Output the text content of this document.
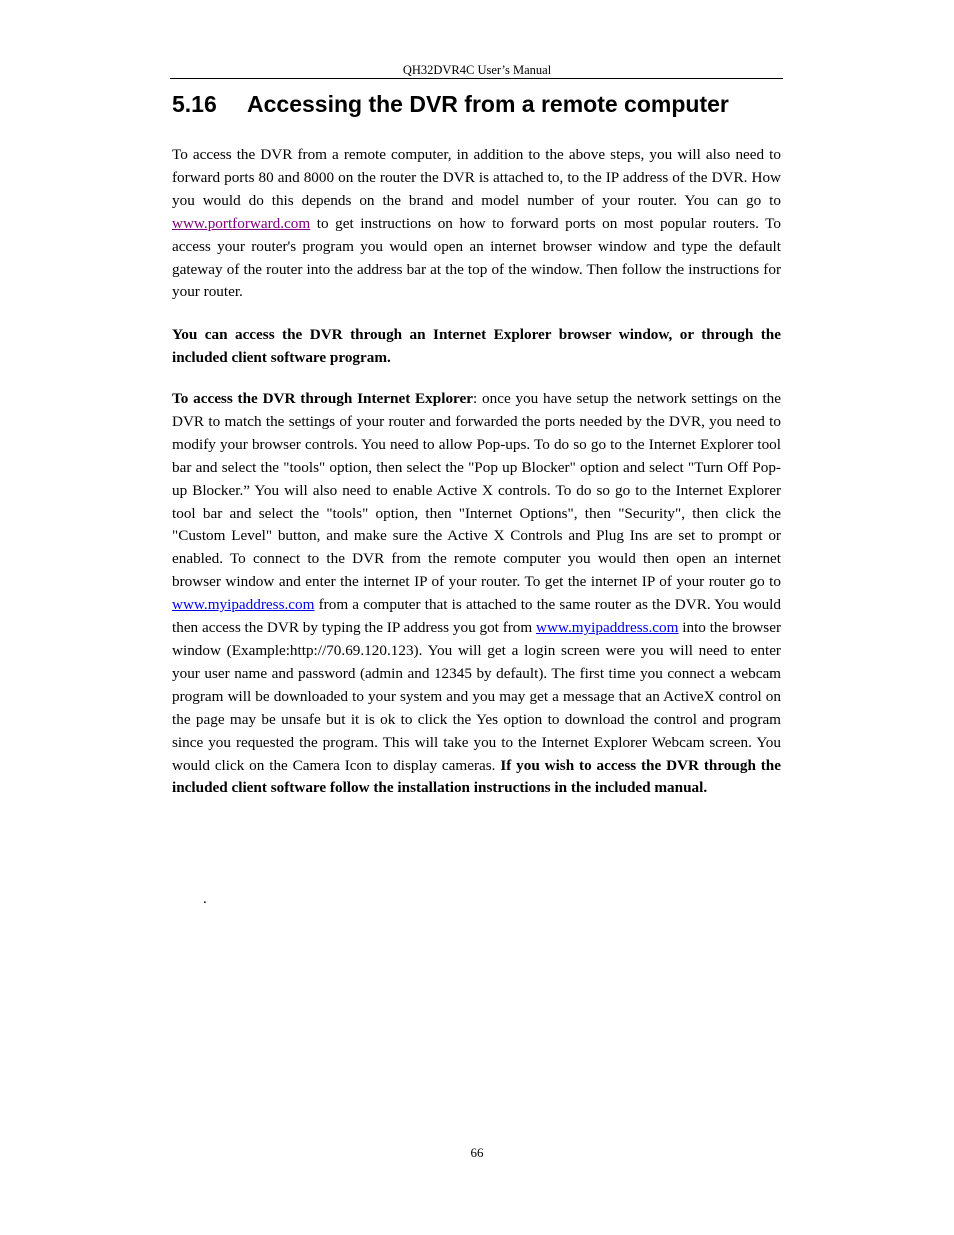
QH32DVR4C User’s Manual
5.16 Accessing the DVR from a remote computer

To access the DVR from a remote computer, in addition to the above steps, you will also need to forward ports 80 and 8000 on the router the DVR is attached to, to the IP address of the DVR. How you would do this depends on the brand and model number of your router. You can go to www.portforward.com to get instructions on how to forward ports on most popular routers. To access your router's program you would open an internet browser window and type the default gateway of the router into the address bar at the top of the window. Then follow the instructions for your router.

You can access the DVR through an Internet Explorer browser window, or through the included client software program.

To access the DVR through Internet Explorer: once you have setup the network settings on the DVR to match the settings of your router and forwarded the ports needed by the DVR, you need to modify your browser controls. You need to allow Pop-ups. To do so go to the Internet Explorer tool bar and select the "tools" option, then select the "Pop up Blocker" option and select "Turn Off Pop-up Blocker.” You will also need to enable Active X controls. To do so go to the Internet Explorer tool bar and select the "tools" option, then "Internet Options", then "Security", then click the "Custom Level" button, and make sure the Active X Controls and Plug Ins are set to prompt or enabled. To connect to the DVR from the remote computer you would then open an internet browser window and enter the internet IP of your router. To get the internet IP of your router go to www.myipaddress.com from a computer that is attached to the same router as the DVR. You would then access the DVR by typing the IP address you got from www.myipaddress.com into the browser window (Example:http://70.69.120.123). You will get a login screen were you will need to enter your user name and password (admin and 12345 by default). The first time you connect a webcam program will be downloaded to your system and you may get a message that an ActiveX control on the page may be unsafe but it is ok to click the Yes option to download the control and program since you requested the program. This will take you to the Internet Explorer Webcam screen. You would click on the Camera Icon to display cameras. If you wish to access the DVR through the included client software follow the installation instructions in the included manual.

.
66
